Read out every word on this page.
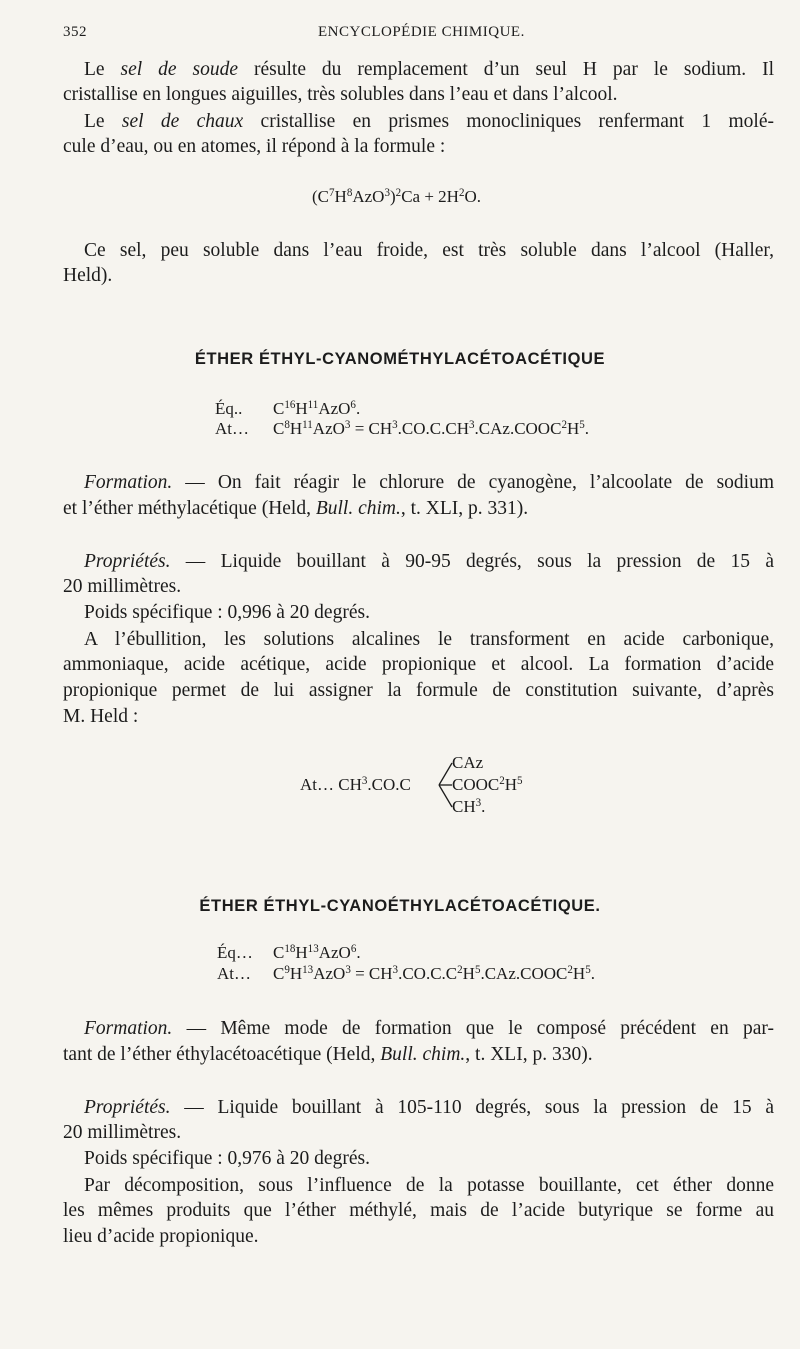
352	ENCYCLOPÉDIE CHIMIQUE.
Le sel de soude résulte du remplacement d’un seul H par le sodium. Il
cristallise en longues aiguilles, très solubles dans l’eau et dans l’alcool.
Le sel de chaux cristallise en prismes monocliniques renfermant 1 molé-
cule d’eau, ou en atomes, il répond à la formule :
$(C^7H^8AzO^3)^2Ca + 2H^2O$.
Ce sel, peu soluble dans l’eau froide, est très soluble dans l’alcool (Haller,
Held).
ÉTHER ÉTHYL-CYANOMÉTHYLACÉTOACÉTIQUE
Éq.. $C^{16}H^{11}AzO^6$.
At… $C^8H^{11}AzO^3$ = $CH^3.CO.C.CH^3.CAz.COOC^2H^5$.
Formation. — On fait réagir le chlorure de cyanogène, l’alcoolate de sodium
et l’éther méthylacétique (Held, Bull. chim., t. XLI, p. 331).
Propriétés. — Liquide bouillant à 90-95 degrés, sous la pression de 15 à
20 millimètres.
Poids spécifique : 0,996 à 20 degrés.
A l’ébullition, les solutions alcalines le transforment en acide carbonique,
ammoniaque, acide acétique, acide propionique et alcool. La formation d’acide
propionique permet de lui assigner la formule de constitution suivante, d’après
M. Held :
CAz
At… $CH^3.CO.C$ $COOC^2H^5$
$CH^3$.
ÉTHER ÉTHYL-CYANOÉTHYLACÉTOACÉTIQUE.
Éq… $C^{18}H^{13}AzO^6$.
At… $C^9H^{13}AzO^3$ = $CH^3.CO.C.C^2H^5.CAz.COOC^2H^5$.
Formation. — Même mode de formation que le composé précédent en par-
tant de l’éther éthylacétoacétique (Held, Bull. chim., t. XLI, p. 330).
Propriétés. — Liquide bouillant à 105-110 degrés, sous la pression de 15 à
20 millimètres.
Poids spécifique : 0,976 à 20 degrés.
Par décomposition, sous l’influence de la potasse bouillante, cet éther donne
les mêmes produits que l’éther méthylé, mais de l’acide butyrique se forme au
lieu d’acide propionique.
